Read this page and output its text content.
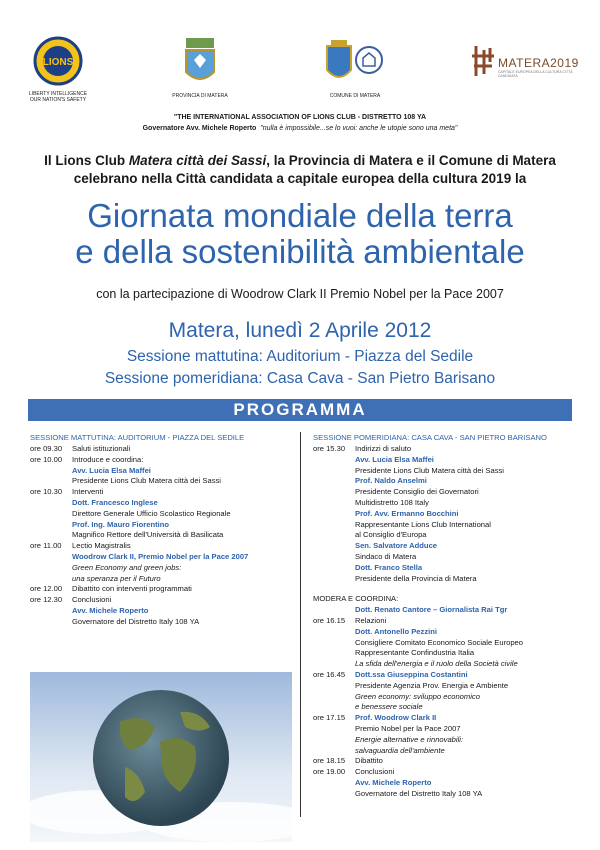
LIONS
LIBERTY INTELLIGENCE OUR NATION'S SAFETY
PROVINCIA DI MATERA	COMUNE DI MATERA
MATERA2019
CAPITALE EUROPEA DELLA CULTURA CITTÀ CANDIDATA
"THE INTERNATIONAL ASSOCIATION OF LIONS CLUB - DISTRETTO 108 YA
Governatore Avv. Michele Roperto "nulla è impossibile...se lo vuoi: anche le utopie sono una meta"
Il Lions Club Matera città dei Sassi, la Provincia di Matera e il Comune di Matera
celebrano nella Città candidata a capitale europea della cultura 2019 la
Giornata mondiale della terra
e della sostenibilità ambientale
con la partecipazione di Woodrow Clark II Premio Nobel per la Pace 2007
Matera, lunedì 2 Aprile 2012
Sessione mattutina: Auditorium - Piazza del Sedile
Sessione pomeridiana: Casa Cava - San Pietro Barisano
PROGRAMMA
SESSIONE MATTUTINA: AUDITORIUM - PIAZZA DEL SEDILE
ore 09.30	Saluti istituzionali
ore 10.00	Introduce e coordina:
Avv. Lucia Elsa Maffei
Presidente Lions Club Matera città dei Sassi
ore 10.30	Interventi
Dott. Francesco Inglese
Direttore Generale Ufficio Scolastico Regionale
Prof. Ing. Mauro Fiorentino
Magnifico Rettore dell'Università di Basilicata
ore 11.00	Lectio Magistralis
Woodrow Clark II, Premio Nobel per la Pace 2007
Green Economy and green jobs:
una speranza per il Futuro
ore 12.00	Dibattito con interventi programmati
ore 12.30	Conclusioni
Avv. Michele Roperto
Governatore del Distretto Italy 108 YA
SESSIONE POMERIDIANA: CASA CAVA - SAN PIETRO BARISANO
ore 15.30	Indirizzi di saluto
Avv. Lucia Elsa Maffei
Presidente Lions Club Matera città dei Sassi
Prof. Naldo Anselmi
Presidente Consiglio dei Governatori
Multidistretto 108 Italy
Prof. Avv. Ermanno Bocchini
Rappresentante Lions Club International
al Consiglio d'Europa
Sen. Salvatore Adduce
Sindaco di Matera
Dott. Franco Stella
Presidente della Provincia di Matera
MODERA E COORDINA:
Dott. Renato Cantore – Giornalista Rai Tgr
ore 16.15	Relazioni
Dott. Antonello Pezzini
Consigliere Comitato Economico Sociale Europeo
Rappresentante Confindustria Italia
La sfida dell'energia e il ruolo della Società civile
ore 16.45	Dott.ssa Giuseppina Costantini
Presidente Agenzia Prov. Energia e Ambiente
Green economy: sviluppo economico
e benessere sociale
ore 17.15	Prof. Woodrow Clark II
Premio Nobel per la Pace 2007
Energie alternative e rinnovabili:
salvaguardia dell'ambiente
ore 18.15	Dibattito
ore 19.00	Conclusioni
Avv. Michele Roperto
Governatore del Distretto Italy 108 YA
